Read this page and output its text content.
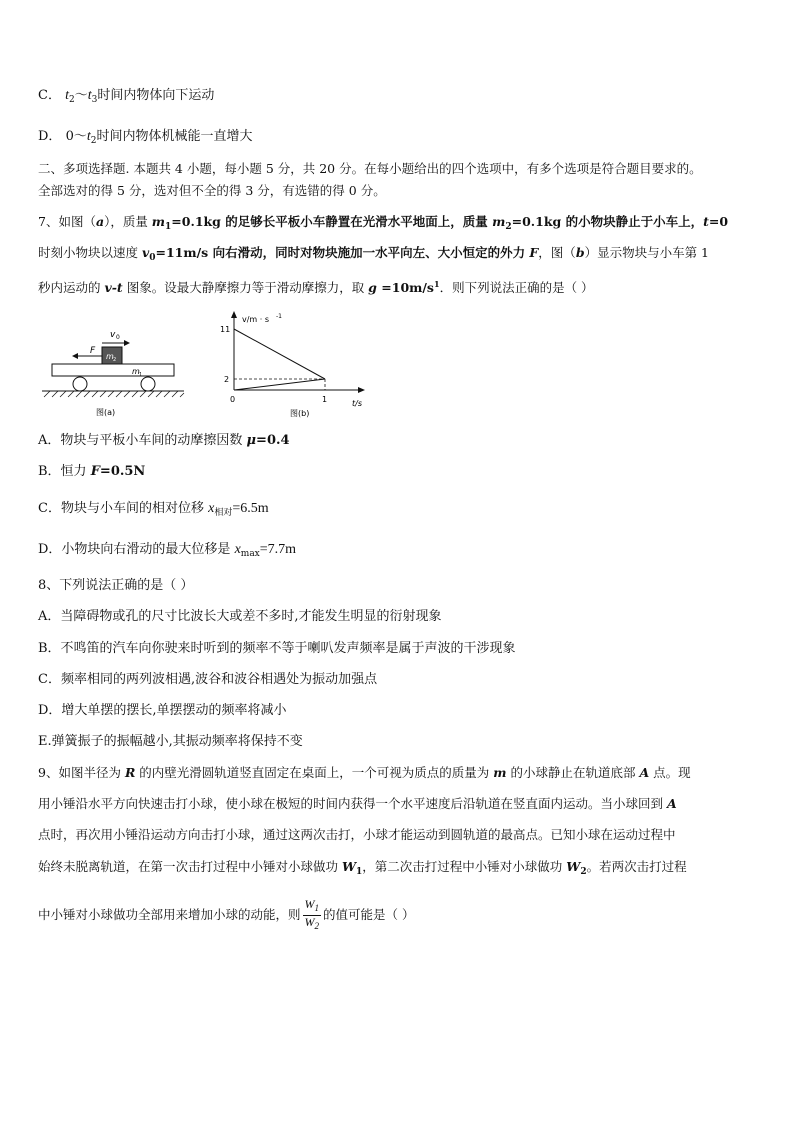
C． $t_2\sim t_3$时间内物体向下运动
D． $0\sim t_2$时间内物体机械能一直增大
二、多项选择题. 本题共 4 小题，每小题 5 分，共 20 分。在每小题给出的四个选项中，有多个选项是符合题目要求的。
全部选对的得 5 分，选对但不全的得 3 分，有选错的得 0 分。
7、如图（a），质量 $m_1=0.1kg$ 的足够长平板小车静置在光滑水平地面上，质量 $m_2=0.1kg$ 的小物块静止于小车上，t=0
时刻小物块以速度 $v_0=11m/s$ 向右滑动，同时对物块施加一水平向左、大小恒定的外力 F，图（b）显示物块与小车第 1
秒内运动的 v-t 图象。设最大静摩擦力等于滑动摩擦力，取 $g =10m/s^1$．则下列说法正确的是（ ）
v 0
F
m 2
m 1
图(a)
v/m · s -1
t/s
11
2
0	1
图(b)
A．物块与平板小车间的动摩擦因数 μ=0.4
B．恒力 F=0.5N
C．物块与小车间的相对位移 $x_{相对}=6.5m$
D．小物块向右滑动的最大位移是 $x_{max}=7.7m$
8、下列说法正确的是（ ）
A．当障碍物或孔的尺寸比波长大或差不多时,才能发生明显的衍射现象
B．不鸣笛的汽车向你驶来时听到的频率不等于喇叭发声频率是属于声波的干涉现象
C．频率相同的两列波相遇,波谷和波谷相遇处为振动加强点
D．增大单摆的摆长,单摆摆动的频率将减小
E.弹簧振子的振幅越小,其振动频率将保持不变
9、如图半径为 R 的内壁光滑圆轨道竖直固定在桌面上，一个可视为质点的质量为 m 的小球静止在轨道底部 A 点。现
用小锤沿水平方向快速击打小球，使小球在极短的时间内获得一个水平速度后沿轨道在竖直面内运动。当小球回到 A
点时，再次用小锤沿运动方向击打小球，通过这两次击打，小球才能运动到圆轨道的最高点。已知小球在运动过程中
始终未脱离轨道，在第一次击打过程中小锤对小球做功 $W_1$，第二次击打过程中小锤对小球做功 $W_2$。若两次击打过程
中小锤对小球做功全部用来增加小球的动能，则 $\frac{W_1}{W_2}$ 的值可能是（ ）
